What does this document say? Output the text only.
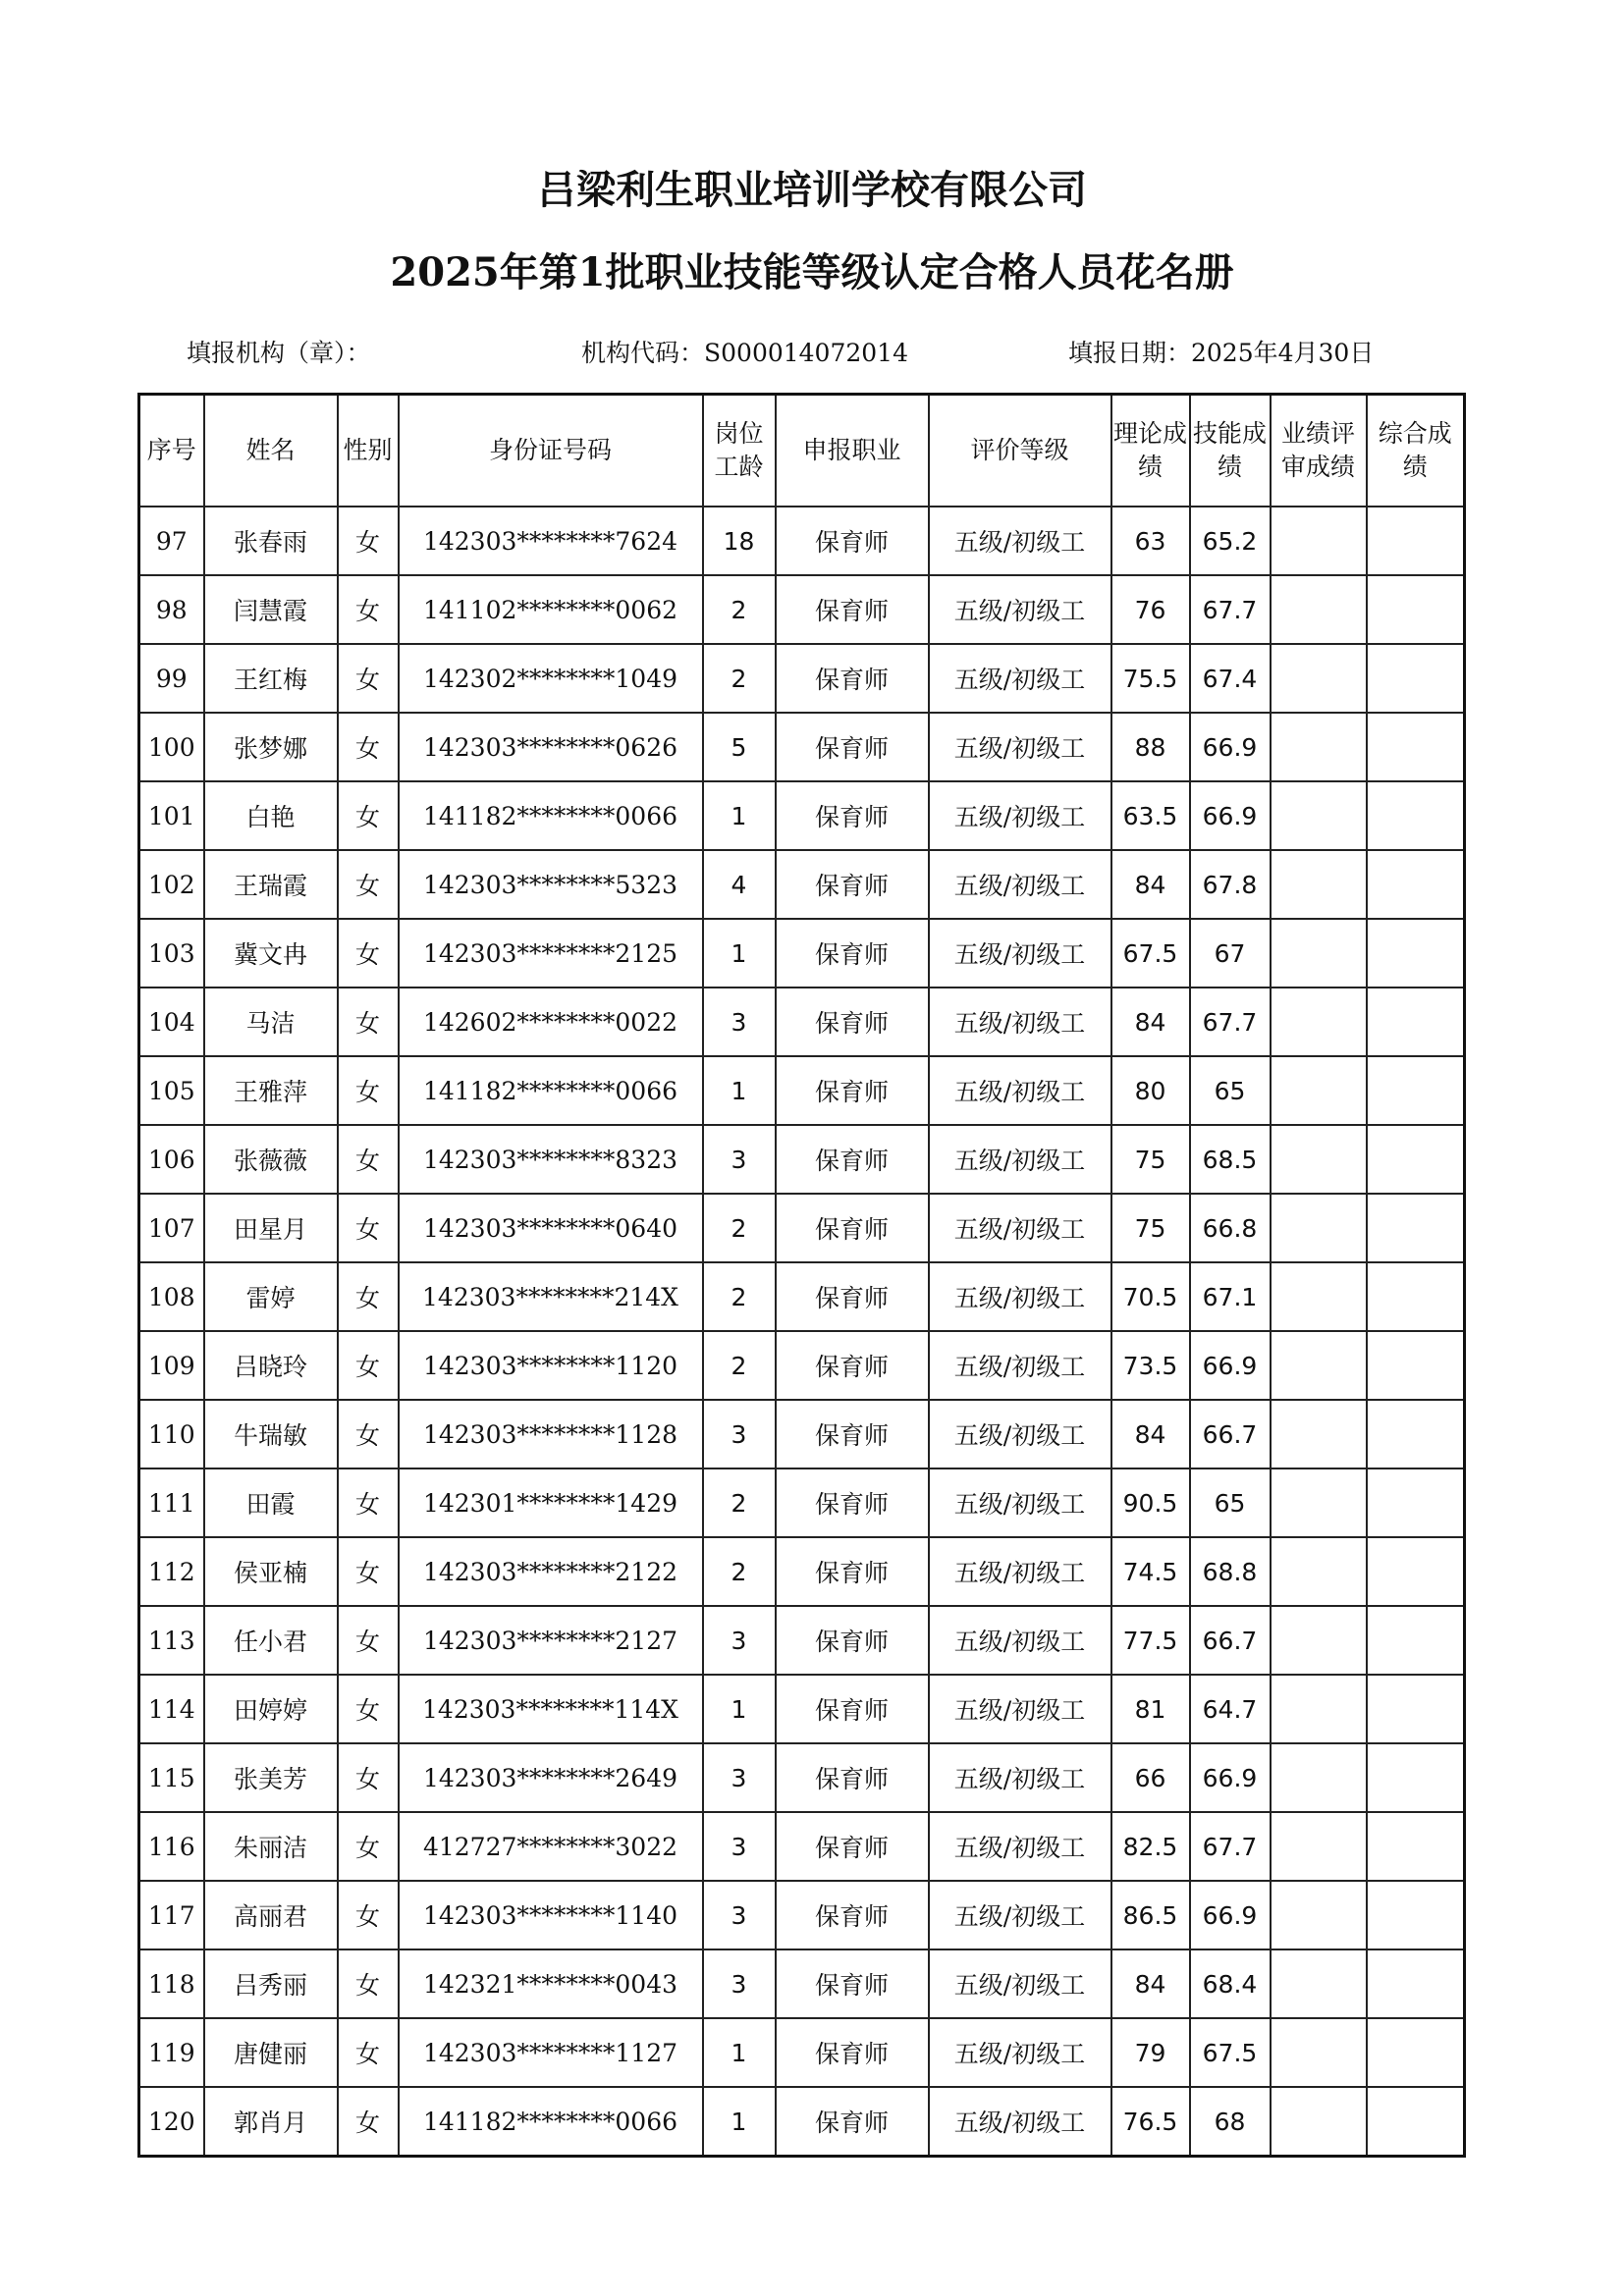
吕梁利生职业培训学校有限公司
2025年第1批职业技能等级认定合格人员花名册
填报机构（章）：	机构代码：S000014072014	填报日期：2025年4月30日
序号	姓名	性别	身份证号码	岗位工龄	申报职业	评价等级	理论成绩	技能成绩	业绩评审成绩	综合成绩
97	张春雨	女	142303********7624	18	保育师	五级/初级工	63	65.2		
98	闫慧霞	女	141102********0062	2	保育师	五级/初级工	76	67.7		
99	王红梅	女	142302********1049	2	保育师	五级/初级工	75.5	67.4		
100	张梦娜	女	142303********0626	5	保育师	五级/初级工	88	66.9		
101	白艳	女	141182********0066	1	保育师	五级/初级工	63.5	66.9		
102	王瑞霞	女	142303********5323	4	保育师	五级/初级工	84	67.8		
103	冀文冉	女	142303********2125	1	保育师	五级/初级工	67.5	67		
104	马洁	女	142602********0022	3	保育师	五级/初级工	84	67.7		
105	王雅萍	女	141182********0066	1	保育师	五级/初级工	80	65		
106	张薇薇	女	142303********8323	3	保育师	五级/初级工	75	68.5		
107	田星月	女	142303********0640	2	保育师	五级/初级工	75	66.8		
108	雷婷	女	142303********214X	2	保育师	五级/初级工	70.5	67.1		
109	吕晓玲	女	142303********1120	2	保育师	五级/初级工	73.5	66.9		
110	牛瑞敏	女	142303********1128	3	保育师	五级/初级工	84	66.7		
111	田霞	女	142301********1429	2	保育师	五级/初级工	90.5	65		
112	侯亚楠	女	142303********2122	2	保育师	五级/初级工	74.5	68.8		
113	任小君	女	142303********2127	3	保育师	五级/初级工	77.5	66.7		
114	田婷婷	女	142303********114X	1	保育师	五级/初级工	81	64.7		
115	张美芳	女	142303********2649	3	保育师	五级/初级工	66	66.9		
116	朱丽洁	女	412727********3022	3	保育师	五级/初级工	82.5	67.7		
117	高丽君	女	142303********1140	3	保育师	五级/初级工	86.5	66.9		
118	吕秀丽	女	142321********0043	3	保育师	五级/初级工	84	68.4		
119	唐健丽	女	142303********1127	1	保育师	五级/初级工	79	67.5		
120	郭肖月	女	141182********0066	1	保育师	五级/初级工	76.5	68		
